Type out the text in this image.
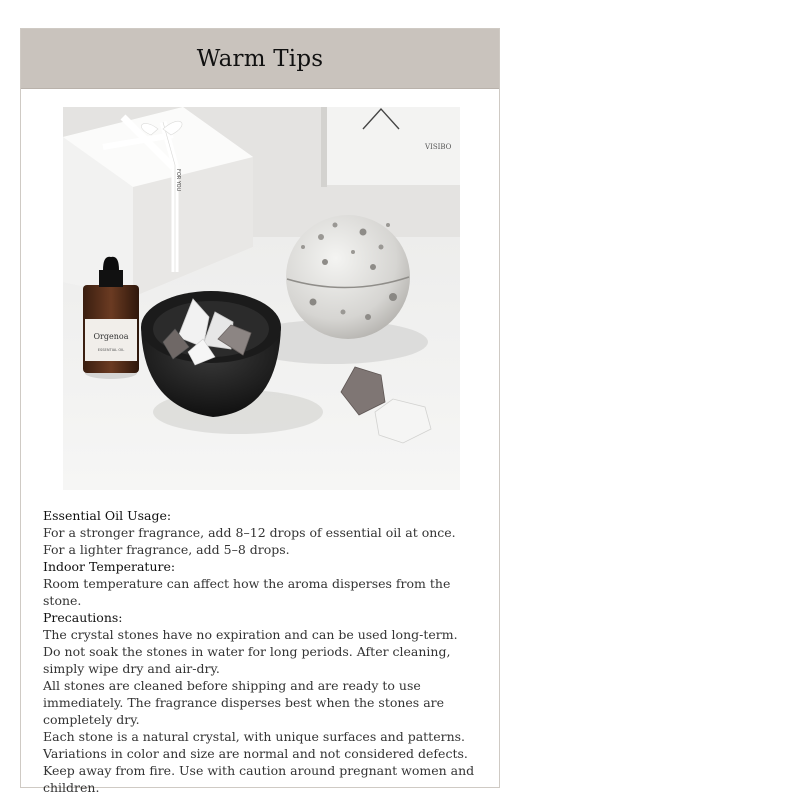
Warm Tips
VISIBO
FOR YOU
Orgenoa
ESSENTIAL OIL
Essential Oil Usage:
For a stronger fragrance, add 8–12 drops of essential oil at once.
For a lighter fragrance, add 5–8 drops.
Indoor Temperature:
Room temperature can affect how the aroma disperses from the stone.
Precautions:
The crystal stones have no expiration and can be used long-term.
Do not soak the stones in water for long periods. After cleaning, simply wipe dry and air-dry.
All stones are cleaned before shipping and are ready to use immediately. The fragrance disperses best when the stones are completely dry.
Each stone is a natural crystal, with unique surfaces and patterns.
Variations in color and size are normal and not considered defects.
Keep away from fire. Use with caution around pregnant women and children.
